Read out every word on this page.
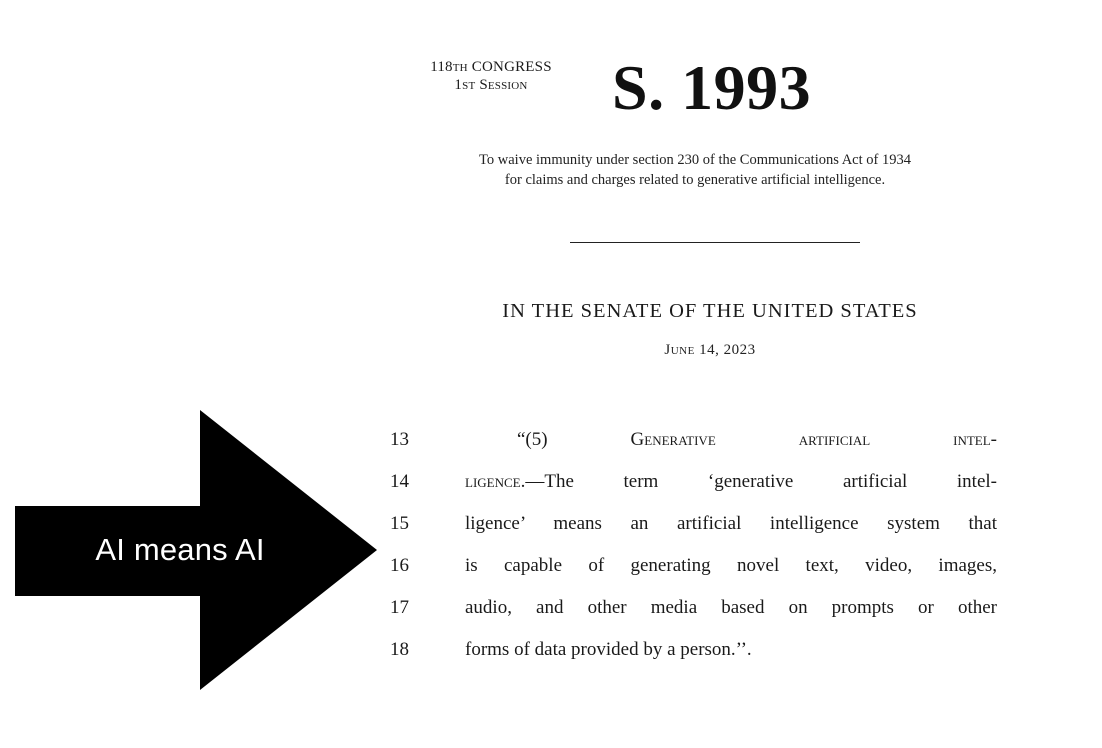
118th CONGRESS
1st Session	S. 1993
To waive immunity under section 230 of the Communications Act of 1934
for claims and charges related to generative artificial intelligence.
IN THE SENATE OF THE UNITED STATES
June 14, 2023
13	“(5)	Generative	artificial	intel-
14	ligence.—The term ‘generative artificial intel-
15	ligence’ means an artificial intelligence system that
16	is capable of generating novel text, video, images,
17	audio, and other media based on prompts or other
18	forms of data provided by a person.’’.
AI means AI
